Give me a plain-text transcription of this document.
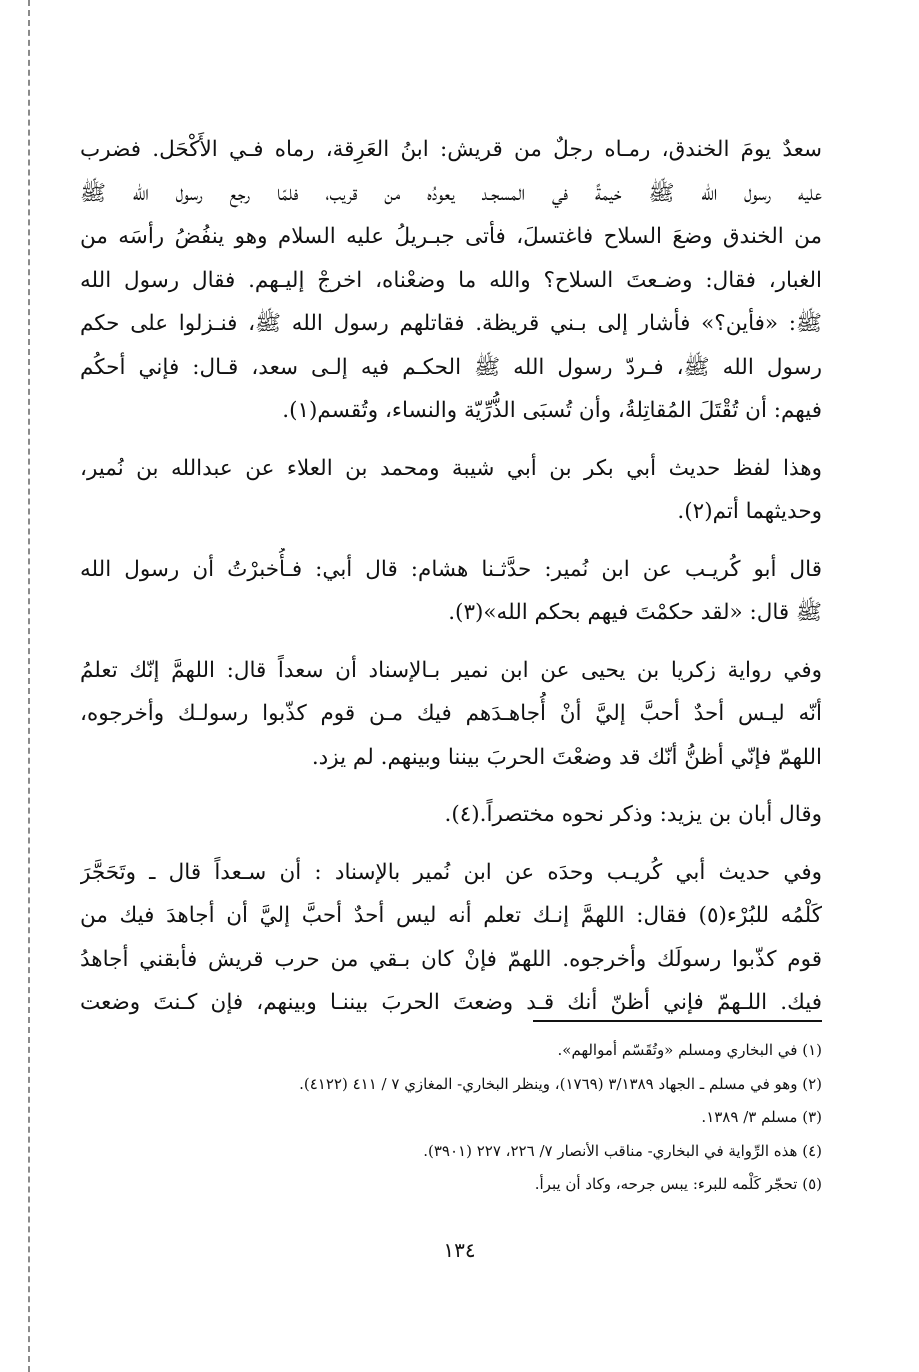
سعدٌ يومَ الخندق، رمـاه رجلٌ من قريش: ابنُ العَرِقة، رماه فـي الأَكْحَل. فضرب
عليه رسول الله ﷺ خيمةً في المسجـد يعودُه من قريب، فلمّا رجع رسول الله ﷺ
من الخندق وضعَ السلاح فاغتسلَ، فأتى جبـريلُ عليه السلام وهو ينفُضُ رأسَه من
الغبار، فقال: وضـعتَ السلاح؟ والله ما وضعْناه، اخرجْ إليـهم. فقال رسول الله
ﷺ: «فأين؟» فأشار إلى بـني قريظة. فقاتلهم رسول الله ﷺ، فنـزلوا على حكم
رسول الله ﷺ، فـردّ رسول الله ﷺ الحكـم فيه إلـى سعد، قـال: فإني أحكُم
فيهم: أن تُقْتَلَ المُقاتِلةُ، وأن تُسبَى الذُّرِّيّة والنساء، وتُقسم(١).
وهذا لفظ حديث أبي بكر بن أبي شيبة ومحمد بن العلاء عن عبدالله بن نُمير،
وحديثهما أتم(٢).
قال أبو كُريـب عن ابن نُمير: حدَّثـنا هشام: قال أبي: فـأُخبرْتُ أن رسول الله
ﷺ قال: «لقد حكمْتَ فيهم بحكم الله»(٣).
وفي رواية زكريا بن يحيى عن ابن نمير بـالإسناد أن سعداً قال: اللهمَّ إنّك تعلمُ
أنّه ليـس أحدٌ أحبَّ إليَّ أنْ أُجاهـدَهم فيك مـن قوم كذّبوا رسولـك وأخرجوه،
اللهمّ فإنّي أظنُّ أنّك قد وضعْتَ الحربَ بيننا وبينهم. لم يزد.
وقال أبان بن يزيد: وذكر نحوه مختصراً.(٤).
وفي حديث أبي كُريـب وحدَه عن ابن نُمير بالإسناد : أن سـعداً قال ـ وتَحَجَّرَ
كَلْمُه للبُرْء(٥) فقال: اللهمَّ إنـك تعلم أنه ليس أحدٌ أحبَّ إليَّ أن أجاهدَ فيك من
قوم كذّبوا رسولَك وأخرجوه. اللهمّ فإنْ كان بـقي من حرب قريش فأبقني أجاهدُ
فيك. اللـهمّ فإني أظنّ أنك قـد وضعتَ الحربَ بيننـا وبينهم، فإن كـنتَ وضعت
(١) في البخاري ومسلم «وتُقَسّم أموالهم».
(٢) وهو في مسلم ـ الجهاد ٣/١٣٨٩ (١٧٦٩)، وينظر البخاري- المغازي ٧ / ٤١١ (٤١٢٢).
(٣) مسلم ٣/ ١٣٨٩.
(٤) هذه الرِّواية في البخاري- مناقب الأنصار ٧/ ٢٢٦، ٢٢٧ (٣٩٠١).
(٥) تحجّر كَلْمه للبرء: يبس جرحه، وكاد أن يبرأ.
١٣٤
